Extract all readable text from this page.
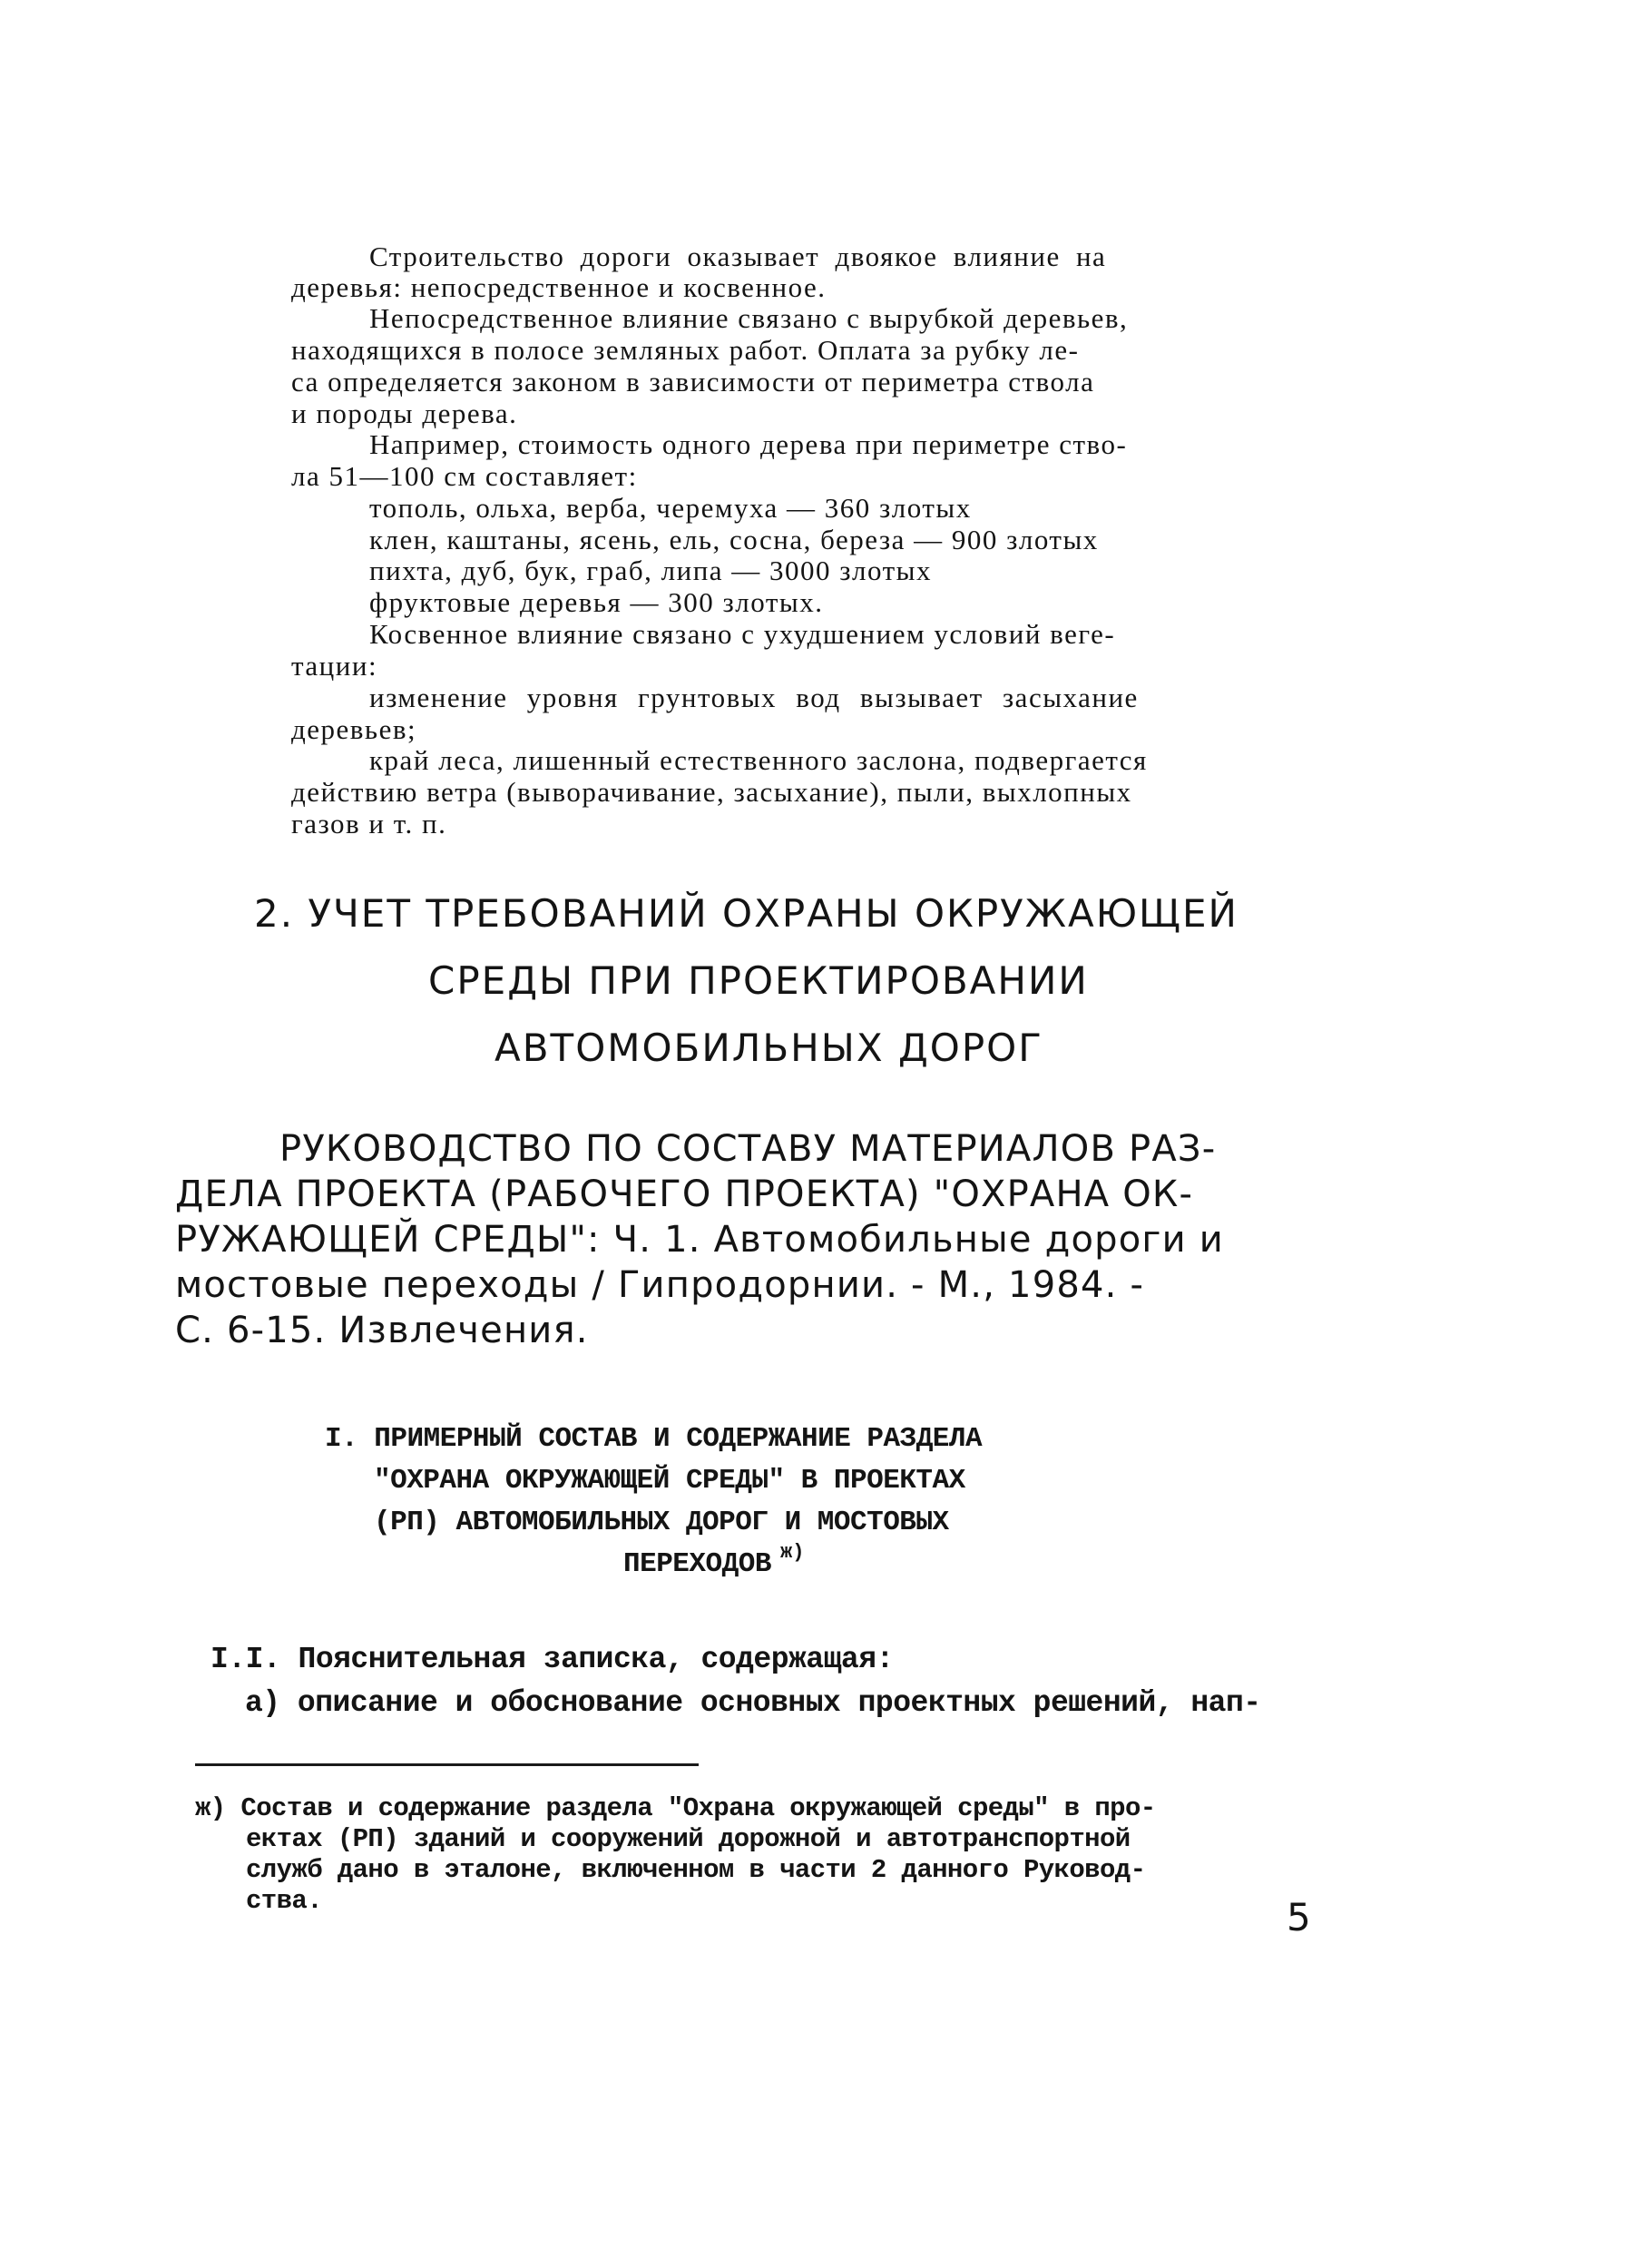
Строительство дороги оказывает двоякое влияние на

деревья: непосредственное и косвенное.

Непосредственное влияние связано с вырубкой деревьев,

находящихся в полосе земляных работ. Оплата за рубку ле-

са определяется законом в зависимости от периметра ствола

и породы дерева.

Например, стоимость одного дерева при периметре ство-

ла 51—100 см составляет:

тополь, ольха, верба, черемуха — 360 злотых

клен, каштаны, ясень, ель, сосна, береза — 900 злотых

пихта, дуб, бук, граб, липа — 3000 злотых

фруктовые деревья — 300 злотых.

Косвенное влияние связано с ухудшением условий веге-

тации:

изменение уровня грунтовых вод вызывает засыхание

деревьев;

край леса, лишенный естественного заслона, подвергается

действию ветра (выворачивание, засыхание), пыли, выхлопных

газов и т. п.

2. УЧЕТ ТРЕБОВАНИЙ ОХРАНЫ ОКРУЖАЮЩЕЙ

СРЕДЫ ПРИ ПРОЕКТИРОВАНИИ

АВТОМОБИЛЬНЫХ ДОРОГ

РУКОВОДСТВО ПО СОСТАВУ МАТЕРИАЛОВ РАЗ-

ДЕЛА ПРОЕКТА (РАБОЧЕГО ПРОЕКТА) "ОХРАНА ОК-

РУЖАЮЩЕЙ СРЕДЫ": Ч. 1. Автомобильные дороги и

мостовые переходы / Гипродорнии. - М., 1984. -

С. 6-15. Извлечения.

I. ПРИМЕРНЫЙ СОСТАВ И СОДЕРЖАНИЕ РАЗДЕЛА

"ОХРАНА ОКРУЖАЮЩЕЙ СРЕДЫ" В ПРОЕКТАХ

(РП) АВТОМОБИЛЬНЫХ ДОРОГ И МОСТОВЫХ

ПЕРЕХОДОВ ж)

I.I. Пояснительная записка, содержащая:

а) описание и обоснование основных проектных решений, нап-

ж) Состав и содержание раздела "Охрана окружающей среды" в про-

ектах (РП) зданий и сооружений дорожной и автотранспортной

служб дано в эталоне, включенном в части 2 данного Руковод-

ства.	5
